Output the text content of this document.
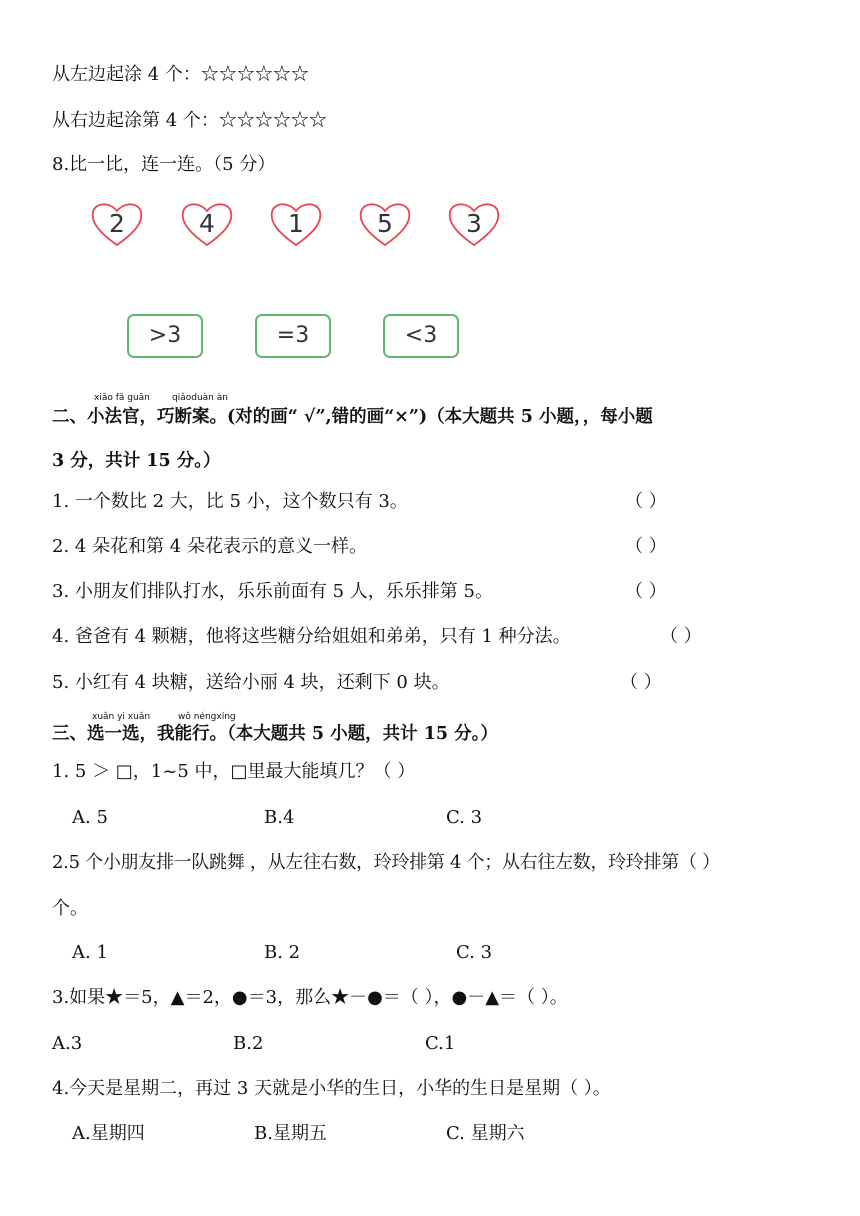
从左边起涂 4 个：☆☆☆☆☆☆
从右边起涂第 4 个：☆☆☆☆☆☆
8.比一比，连一连。（5 分）
2	4	1	5	3
>3	=3	<3
xiǎo fǎ guān qiǎoduàn àn
二、小法官，巧断案。(对的画“ √”,错的画“×”)（本大题共 5 小题，，每小题
3 分，共计 15 分。）
1. 一个数比 2 大，比 5 小，这个数只有 3。	（ ）
2. 4 朵花和第 4 朵花表示的意义一样。	（ ）
3. 小朋友们排队打水，乐乐前面有 5 人，乐乐排第 5。	（ ）
4. 爸爸有 4 颗糖，他将这些糖分给姐姐和弟弟，只有 1 种分法。	（ ）
5. 小红有 4 块糖，送给小丽 4 块，还剩下 0 块。	（ ）
xuǎn yi xuǎn	wǒ néngxíng
三、选一选，我能行。（本大题共 5 小题，共计 15 分。）
1. 5 ＞ □，1~5 中，□里最大能填几？（ ）
A. 5	B.4	C. 3
2.5 个小朋友排一队跳舞 ，从左往右数，玲玲排第 4 个；从右往左数，玲玲排第（ ）
个。
A. 1	B. 2	C. 3
3.如果★＝5，▲＝2，●＝3，那么★－●＝（ ），●－▲＝（ ）。
A.3	B.2	C.1
4.今天是星期二，再过 3 天就是小华的生日，小华的生日是星期（ ）。
A.星期四	B.星期五	C. 星期六
